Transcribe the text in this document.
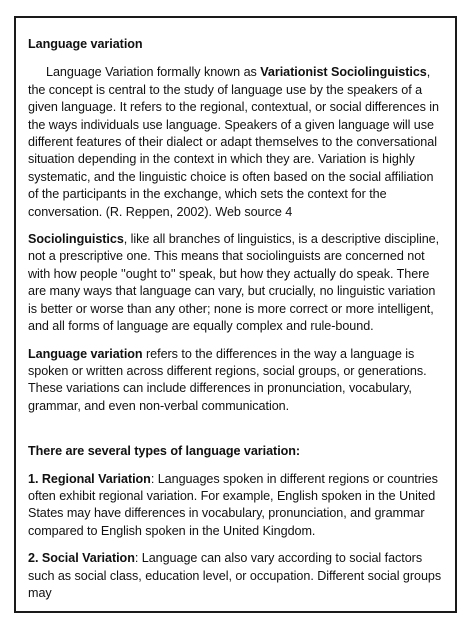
Language variation

Language Variation formally known as Variationist Sociolinguistics, the concept is central to the study of language use by the speakers of a given language. It refers to the regional, contextual, or social differences in the ways individuals use language. Speakers of a given language will use different features of their dialect or adapt themselves to the conversational situation depending in the context in which they are. Variation is highly systematic, and the linguistic choice is often based on the social affiliation of the participants in the exchange, which sets the context for the conversation. (R. Reppen, 2002). Web source 4

Sociolinguistics, like all branches of linguistics, is a descriptive discipline, not a prescriptive one. This means that sociolinguists are concerned not with how people ''ought to'' speak, but how they actually do speak. There are many ways that language can vary, but crucially, no linguistic variation is better or worse than any other; none is more correct or more intelligent, and all forms of language are equally complex and rule-bound.

Language variation refers to the differences in the way a language is spoken or written across different regions, social groups, or generations. These variations can include differences in pronunciation, vocabulary, grammar, and even non-verbal communication.

There are several types of language variation:

1. Regional Variation: Languages spoken in different regions or countries often exhibit regional variation. For example, English spoken in the United States may have differences in vocabulary, pronunciation, and grammar compared to English spoken in the United Kingdom.

2. Social Variation: Language can also vary according to social factors such as social class, education level, or occupation. Different social groups may
